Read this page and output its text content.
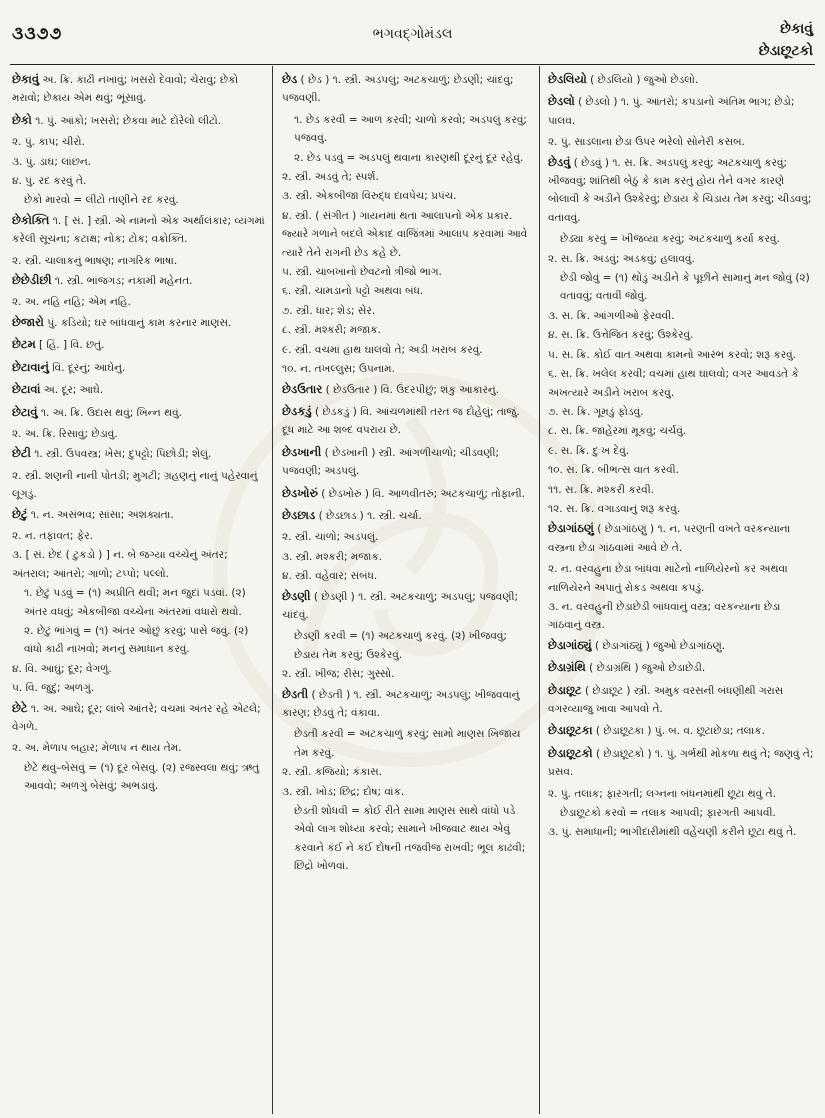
૩૩૭૭	ભગવદ્ગોમંડલ	છેકાવું
છેડાછૂટકો
છેકાવું અ. ક્રિ. કાઢી નખાવું; ખસરો દેવાવો; ચેરાવું; છેકો મરાવો; છેકાય એમ થવું; ભૂંસાવું.
છેકો ૧. પું. આંકો; ખસરો; છેકવા માટે દોરેલો લીટો.
૨. પું. કાપ; ચીરો.
૩. પું. ડાઘ; લાંછન.
૪. પું. રદ કરવું તે.
છેકો મારવો = લીટો તાણીને રદ કરવું.
છેકોક્તિ ૧. [ સં. ] સ્ત્રી. એ નામનો એક અર્થાલંકાર; વ્યંગમાં કરેલી સૂચના; કટાક્ષ; નોક; ટોક; વક્રોક્તિ.
૨. સ્ત્રી. ચાલાકનું ભાષણ; નાગરિક ભાષા.
છેછેડીછી ૧. સ્ત્રી. ભાંજગડ; નકામી મહેનત.
૨. અ. નહિ નહિ; એમ નહિ.
છેજારો પું. કડિયો; ઘર બાંધવાનું કામ કરનાર માણસ.
છેટમ [ હિં. ] વિ. છતું.
છેટાવાનું વિ. દૂરનું; આઘેનું.
છેટાવાં અ. દૂર; આઘે.
છેટાવું ૧. અ. ક્રિ. ઉદાસ થવું; ખિન્ન થવું.
૨. અ. ક્રિ. રિસાવું; છેડાવું.
છેટી ૧. સ્ત્રી. ઉપવસ્ત્ર; ખેસ; દુપટ્ટો; પિછોડી; શેલું.
૨. સ્ત્રી. શણની નાની પોતડી; મુગટી; ગ્રહણનું નાનું પહેરવાનું લૂગડું.
છેટું ૧. ન. અસંભવ; સાંસા; અશક્યતા.
૨. ન. તફાવત; ફેર.
૩. [ સં. છેદ ( ટુકડો ) ] ન. બે જગ્યા વચ્ચેનું અંતર; અંતરાલ; આંતરો; ગાળો; ટપ્પો; પલ્લો.
૧. છેટું પડવું = (૧) અપ્રીતિ થવી; મન જુદાં પડવાં. (૨) અંતર વધવું; એકબીજા વચ્ચેના અંતરમાં વધારો થવો.
૨. છેટું ભાંગવું = (૧) અંતર ઓછું કરવું; પાસે જવું. (૨) વાંધો કાઢી નાખવો; મનનું સમાધાન કરવું.
૪. વિ. આઘું; દૂર; વેગળું.
૫. વિ. જુદું; અળગું.
છેટે ૧. અ. આઘે; દૂર; લાંબે આંતરે; વચમાં અંતર રહે એટલે; વેગળે.
૨. અ. મેળાપ બહાર; મેળાપ ન થાય તેમ.
છેટે થવું–બેસવું = (૧) દૂર બેસવું. (૨) રજસ્વલા થવું; ઋતુ આવવો; અળગું બેસવું; અભડાવું.
છેડ ( છેડ ) ૧. સ્ત્રી. અડપલું; અટકચાળું; છેડણી; ચાંદવું; પજવણી.
૧. છેડ કરવી = આળ કરવી; ચાળો કરવો; અડપલું કરવું; પજવવું.
૨. છેડ પડવું = અડપલું થવાના કારણથી દૂરનું દૂર રહેવું.
૨. સ્ત્રી. અડવું તે; સ્પર્શ.
૩. સ્ત્રી. એકબીજા વિરુદ્ધ દાવપેચ; પ્રપંચ.
૪. સ્ત્રી. ( સંગીત ) ગાયનમાં થતા આલાપનો એક પ્રકાર. જ્યારે ગળાને બદલે એકાદ વાજિંત્રમાં આલાપ કરવામાં આવે ત્યારે તેને રાગની છેડ કહે છે.
૫. સ્ત્રી. ચાબખાનો છેવટનો ત્રીજો ભાગ.
૬. સ્ત્રી. ચામડાનો પટ્ટો અથવા બંધ.
૭. સ્ત્રી. ધાર; શેડ; સેર.
૮. સ્ત્રી. મશ્કરી; મજાક.
૯. સ્ત્રી. વચમાં હાથ ઘાલવો તે; અડી ખરાબ કરવું.
૧૦. ન. તખલ્લુસ; ઉપનામ.
છેડઉતાર ( છેડઉતાર ) વિ. ઉંદરપીછું; શંકુ આકારનું.
છેડકડું ( છેડકડું ) વિ. આંચળમાંથી તરત જ દોહેલું; તાજું. દૂધ માટે આ શબ્દ વપરાય છે.
છેડખાની ( છેડખાની ) સ્ત્રી. આંગળીચાળો; ચીડવણી; પજવણી; અડપલું.
છેડખોરું ( છેડખોરું ) વિ. આળવીતરું; અટકચાળું; તોફાની.
છેડછાડ ( છેડછાડ ) ૧. સ્ત્રી. ચર્ચા.
૨. સ્ત્રી. ચાળો; અડપલું.
૩. સ્ત્રી. મશ્કરી; મજાક.
૪. સ્ત્રી. વહેવાર; સંબંધ.
છેડણી ( છેડણી ) ૧. સ્ત્રી. અટકચાળું; અડપલું; પજવણી; ચાંદવું.
છેડણી કરવી = (૧) અટકચાળું કરવું. (૨) ખીજવવું; છેડાય તેમ કરવું; ઉશ્કેરવું.
૨. સ્ત્રી. ખીજ; રીસ; ગુસ્સો.
છેડતી ( છેડતી ) ૧. સ્ત્રી. અટકચાળું; અડપલું; ખીજવવાનું કારણ; છેડવું તે; વંકાવા.
છેડતી કરવી = અટકચાળું કરવું; સામો માણસ ખિજાય તેમ કરવું.
૨. સ્ત્રી. કજિયો; કંકાસ.
૩. સ્ત્રી. ખોડ; છિદ્ર; દોષ; વાંક.
છેડતી શોધવી = કોઈ રીતે સામા માણસ સાથે વાંધો પડે એવો લાગ શોધ્યા કરવો; સામાને ખીજવાટ થાય એવું કરવાને કંઈ ને કંઈ દોષની તજવીજ રાખવી; ભૂલ કાઢવી; છિદ્રો ખોળવાં.
છેડલિયો ( છેડલિયો ) જુઓ છેડલો.
છેડલો ( છેડલો ) ૧. પું. આંતરો; કપડાનો અંતિમ ભાગ; છેડો; પાલવ.
૨. પું. સાડલાના છેડા ઉપર ભરેલો સોનેરી કસબ.
છેડવું ( છેડવું ) ૧. સ. ક્રિ. અડપલું કરવું; અટકચાળું કરવું; ખીજવવું; શાંતિથી બેઠું કે કામ કરતું હોય તેને વગર કારણે બોલાવી કે અડીને ઉશ્કેરવું; છેડાય કે ચિડાય તેમ કરવું; ચીડવવું; વતાવવું.
છેડ્યા કરવું = ખીજવ્યા કરવું; અટકચાળું કર્યા કરવું.
૨. સ. ક્રિ. અડવું; અડકવું; હલાવવું.
છેડી જોવું = (૧) થોડું અડીને કે પૂછીને સામાનું મન જોવું (૨) વતાવવું; વતાવી જોવું.
૩. સ. ક્રિ. આંગળીઓ ફેરવવી.
૪. સ. ક્રિ. ઉત્તેજિત કરવું; ઉશ્કેરવું.
૫. સ. ક્રિ. કોઈ વાત અથવા કામનો આરંભ કરવો; શરૂ કરવું.
૬. સ. ક્રિ. ખલેલ કરવી; વચમાં હાથ ઘાલવો; વગર આવડતે કે અખત્યારે અડીને ખરાબ કરવું.
૭. સ. ક્રિ. ગૂમડું ફોડવું.
૮. સ. ક્રિ. જાહેરમાં મૂકવું; ચર્ચવું.
૯. સ. ક્રિ. દુઃખ દેવું.
૧૦. સ. ક્રિ. બીભત્સ વાત કરવી.
૧૧. સ. ક્રિ. મશ્કરી કરવી.
૧૨. સ. ક્રિ. વગાડવાનું શરૂ કરવું.
છેડાગાંઠણું ( છેડાગાંઠણું ) ૧. ન. પરણતી વખતે વરકન્યાના વસ્ત્રના છેડા ગાંઠવામાં આવે છે તે.
૨. ન. વરવહુના છેડા બાંધવા માટેનો નાળિયેરનો કર અથવા નાળિયેરને અપાતું રોકડ અથવા કપડું.
૩. ન. વરવહુની છેડાછેડી બાંધવાનું વસ્ત્ર; વરકન્યાના છેડા ગાંઠવાનું વસ્ત્ર.
છેડાગાંઠ્યું ( છેડાગાંઠ્યું ) જુઓ છેડાગાંઠણું.
છેડાગ્રંથિ ( છેડાગ્રંથિ ) જુઓ છેડાછેડી.
છેડાછૂટ ( છેડાછૂટ ) સ્ત્રી. અમુક વરસની બંધણીથી ગરાસ વગરવ્યાજુ ખાવા આપવો તે.
છેડાછૂટકા ( છેડાછૂટકા ) પું. બ. વ. છૂટાછેડા; તલાક.
છેડાછૂટકો ( છેડાછૂટકો ) ૧. પું. ગર્ભથી મોકળા થવું તે; જણવું તે; પ્રસવ.
૨. પું. તલાક; ફારગતી; લગ્નના બંધનમાંથી છૂટા થવું તે.
છેડાછૂટકો કરવો = તલાક આપવી; ફારગતી આપવી.
૩. પું. સમાધાની; ભાગીદારીમાંથી વહેંચણી કરીને છૂટા થવું તે.
